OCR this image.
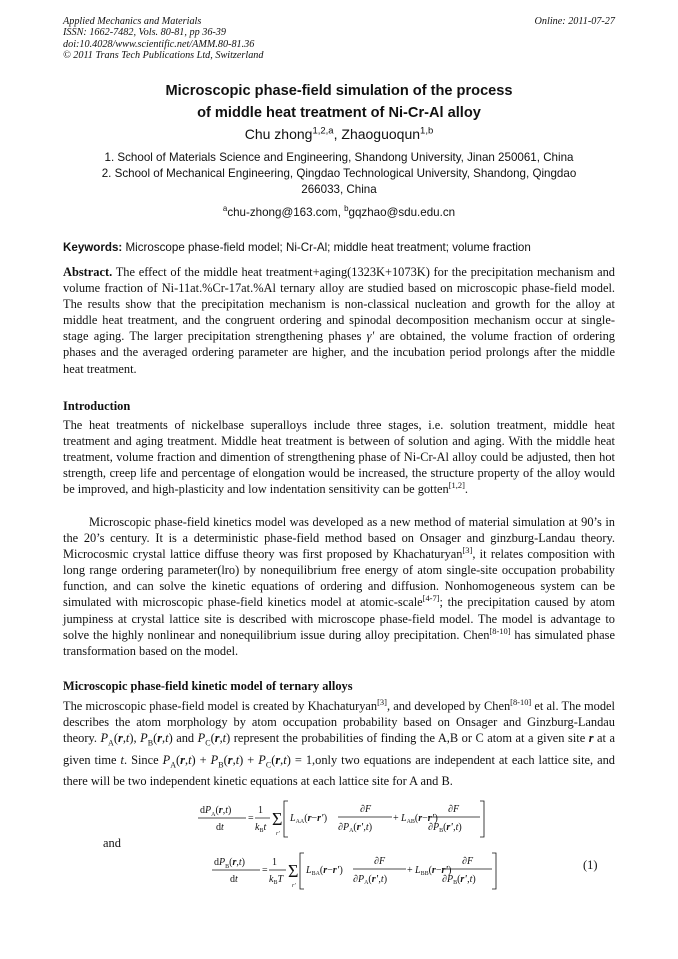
Applied Mechanics and Materials
ISSN: 1662-7482, Vols. 80-81, pp 36-39
doi:10.4028/www.scientific.net/AMM.80-81.36
© 2011 Trans Tech Publications Ltd, Switzerland
Online: 2011-07-27
Microscopic phase-field simulation of the process
of middle heat treatment of Ni-Cr-Al alloy
Chu zhong$^{1,2,a}$, Zhaoguoqun$^{1,b}$
1. School of Materials Science and Engineering, Shandong University, Jinan 250061, China
2. School of Mechanical Engineering, Qingdao Technological University, Shandong, Qingdao
266033, China
$^a$chu-zhong@163.com, $^b$gqzhao@sdu.edu.cn
Keywords: Microscope phase-field model; Ni-Cr-Al; middle heat treatment; volume fraction
Abstract. The effect of the middle heat treatment+aging(1323K+1073K) for the precipitation mechanism and volume fraction of Ni-11at.%Cr-17at.%Al ternary alloy are studied based on microscopic phase-field model. The results show that the precipitation mechanism is non-classical nucleation and growth for the alloy at middle heat treatment, and the congruent ordering and spinodal decomposition mechanism occur at single-stage aging. The larger precipitation strengthening phases γ' are obtained, the volume fraction of ordering phases and the averaged ordering parameter are higher, and the incubation period prolongs after the middle heat treatment.
Introduction
The heat treatments of nickelbase superalloys include three stages, i.e. solution treatment, middle heat treatment and aging treatment. Middle heat treatment is between of solution and aging. With the middle heat treatment, volume fraction and dimention of strengthening phase of Ni-Cr-Al alloy could be adjusted, then hot strength, creep life and percentage of elongation would be increased, the structure property of the alloy would be improved, and high-plasticity and low indentation sensitivity can be gotten[1,2].
Microscopic phase-field kinetics model was developed as a new method of material simulation at 90’s in the 20’s century. It is a deterministic phase-field method based on Onsager and ginzburg-Landau theory. Microcosmic crystal lattice diffuse theory was first proposed by Khachaturyan[3], it relates composition with long range ordering parameter(lro) by nonequilibrium free energy of atom single-site occupation probability function, and can solve the kinetic equations of ordering and diffusion. Nonhomogeneous system can be simulated with microscopic phase-field kinetics model at atomic-scale[4-7]; the precipitation caused by atom jumpiness at crystal lattice site is described with microscope phase-field model. The model is advantage to solve the highly nonlinear and nonequilibrium issue during alloy precipitation. Chen[8-10] has simulated phase transformation based on the model.
Microscopic phase-field kinetic model of ternary alloys
The microscopic phase-field model is created by Khachaturyan[3], and developed by Chen[8-10] et al. The model describes the atom morphology by atom occupation probability based on Onsager and Ginzburg-Landau theory. $P_A(r,t)$, $P_B(r,t)$ and $P_C(r,t)$ represent the probabilities of finding the A,B or C atom at a given site r at a given time t. Since $P_A(r,t) + P_B(r,t) + P_C(r,t)$ = 1,only two equations are independent at each lattice site, and there will be two independent kinetic equations at each lattice site for A and B.
$dP_A(r,t)$
dt
=
1
$k_Bt$ Σ
r'
$L_{AA}(r-r')$
∂F
$\partial P_A(r',t)$
+ $L_{AB}(r-r')$
∂F
$\partial P_B(r',t)$
and
$dP_B(r,t)$
dt
=
1
$k_BT$ Σ
r'
$L_{BA}(r-r')$
∂F
$\partial P_A(r',t)$
+ $L_{BB}(r-r')$
∂F
$\partial P_B(r',t)$
(1)
